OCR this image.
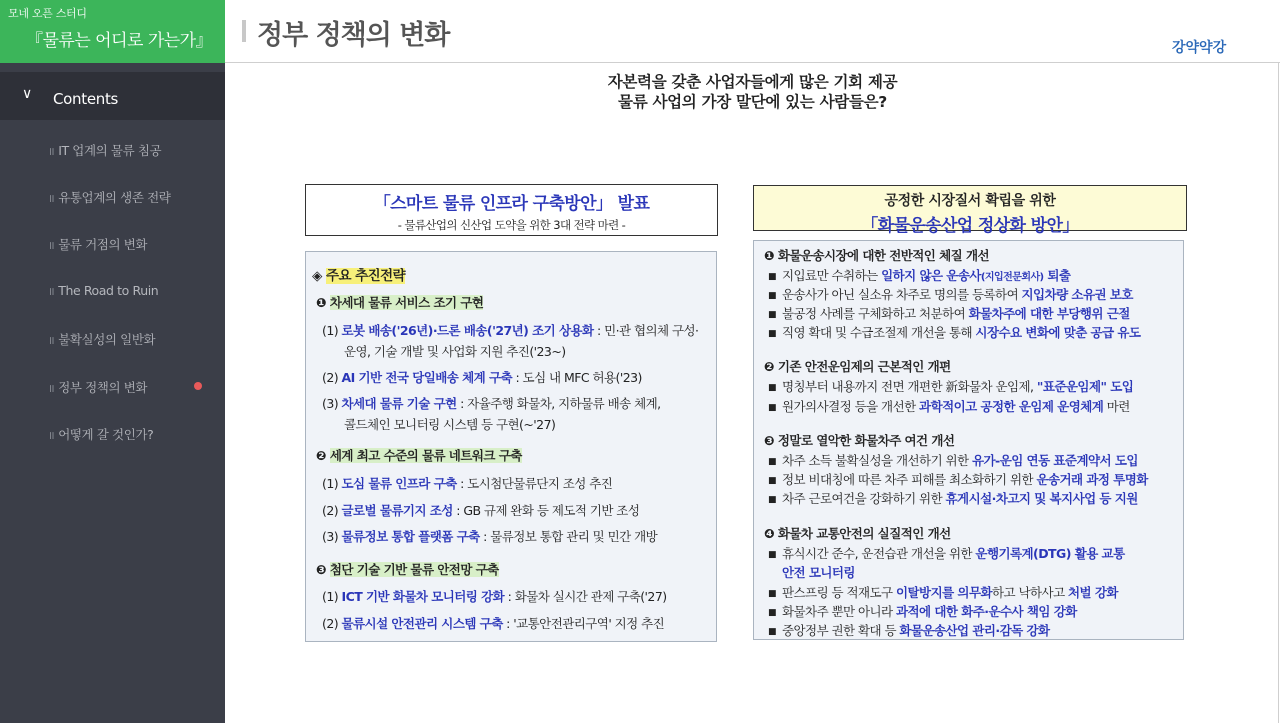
모네 오픈 스터디
『물류는 어디로 가는가』
∨ Contents
॥ IT 업계의 물류 침공
॥ 유통업계의 생존 전략
॥ 물류 거점의 변화
॥ The Road to Ruin
॥ 불확실성의 일반화
॥ 정부 정책의 변화
॥ 어떻게 갈 것인가?
정부 정책의 변화	강약약강
자본력을 갖춘 사업자들에게 많은 기회 제공
물류 사업의 가장 말단에 있는 사람들은?
「스마트 물류 인프라 구축방안」 발표
- 물류산업의 신산업 도약을 위한 3대 전략 마련 -
◈ 주요 추진전략
❶ 차세대 물류 서비스 조기 구현
(1) 로봇 배송('26년)·드론 배송('27년) 조기 상용화 : 민·관 협의체 구성·
운영, 기술 개발 및 사업화 지원 추진('23~)
(2) AI 기반 전국 당일배송 체계 구축 : 도심 내 MFC 허용('23)
(3) 차세대 물류 기술 구현 : 자율주행 화물차, 지하물류 배송 체계,
콜드체인 모니터링 시스템 등 구현(~'27)
❷ 세계 최고 수준의 물류 네트워크 구축
(1) 도심 물류 인프라 구축 : 도시첨단물류단지 조성 추진
(2) 글로벌 물류기지 조성 : GB 규제 완화 등 제도적 기반 조성
(3) 물류정보 통합 플랫폼 구축 : 물류정보 통합 관리 및 민간 개방
❸ 첨단 기술 기반 물류 안전망 구축
(1) ICT 기반 화물차 모니터링 강화 : 화물차 실시간 관제 구축('27)
(2) 물류시설 안전관리 시스템 구축 : '교통안전관리구역' 지정 추진
공정한 시장질서 확립을 위한
「화물운송산업 정상화 방안」
❶ 화물운송시장에 대한 전반적인 체질 개선
■ 지입료만 수취하는 일하지 않은 운송사(지입전문회사) 퇴출
■ 운송사가 아닌 실소유 차주로 명의를 등록하여 지입차량 소유권 보호
■ 불공정 사례를 구체화하고 처분하여 화물차주에 대한 부당행위 근절
■ 직영 확대 및 수급조절제 개선을 통해 시장수요 변화에 맞춘 공급 유도
❷ 기존 안전운임제의 근본적인 개편
■ 명칭부터 내용까지 전면 개편한 新화물차 운임제, "표준운임제" 도입
■ 원가의사결정 등을 개선한 과학적이고 공정한 운임제 운영체계 마련
❸ 정말로 열악한 화물차주 여건 개선
■ 차주 소득 불확실성을 개선하기 위한 유가-운임 연동 표준계약서 도입
■ 정보 비대칭에 따른 차주 피해를 최소화하기 위한 운송거래 과정 투명화
■ 차주 근로여건을 강화하기 위한 휴게시설·차고지 및 복지사업 등 지원
❹ 화물차 교통안전의 실질적인 개선
■ 휴식시간 준수, 운전습관 개선을 위한 운행기록계(DTG) 활용 교통
안전 모니터링
■ 판스프링 등 적재도구 이탈방지를 의무화하고 낙하사고 처벌 강화
■ 화물차주 뿐만 아니라 과적에 대한 화주·운수사 책임 강화
■ 중앙정부 권한 확대 등 화물운송산업 관리·감독 강화
